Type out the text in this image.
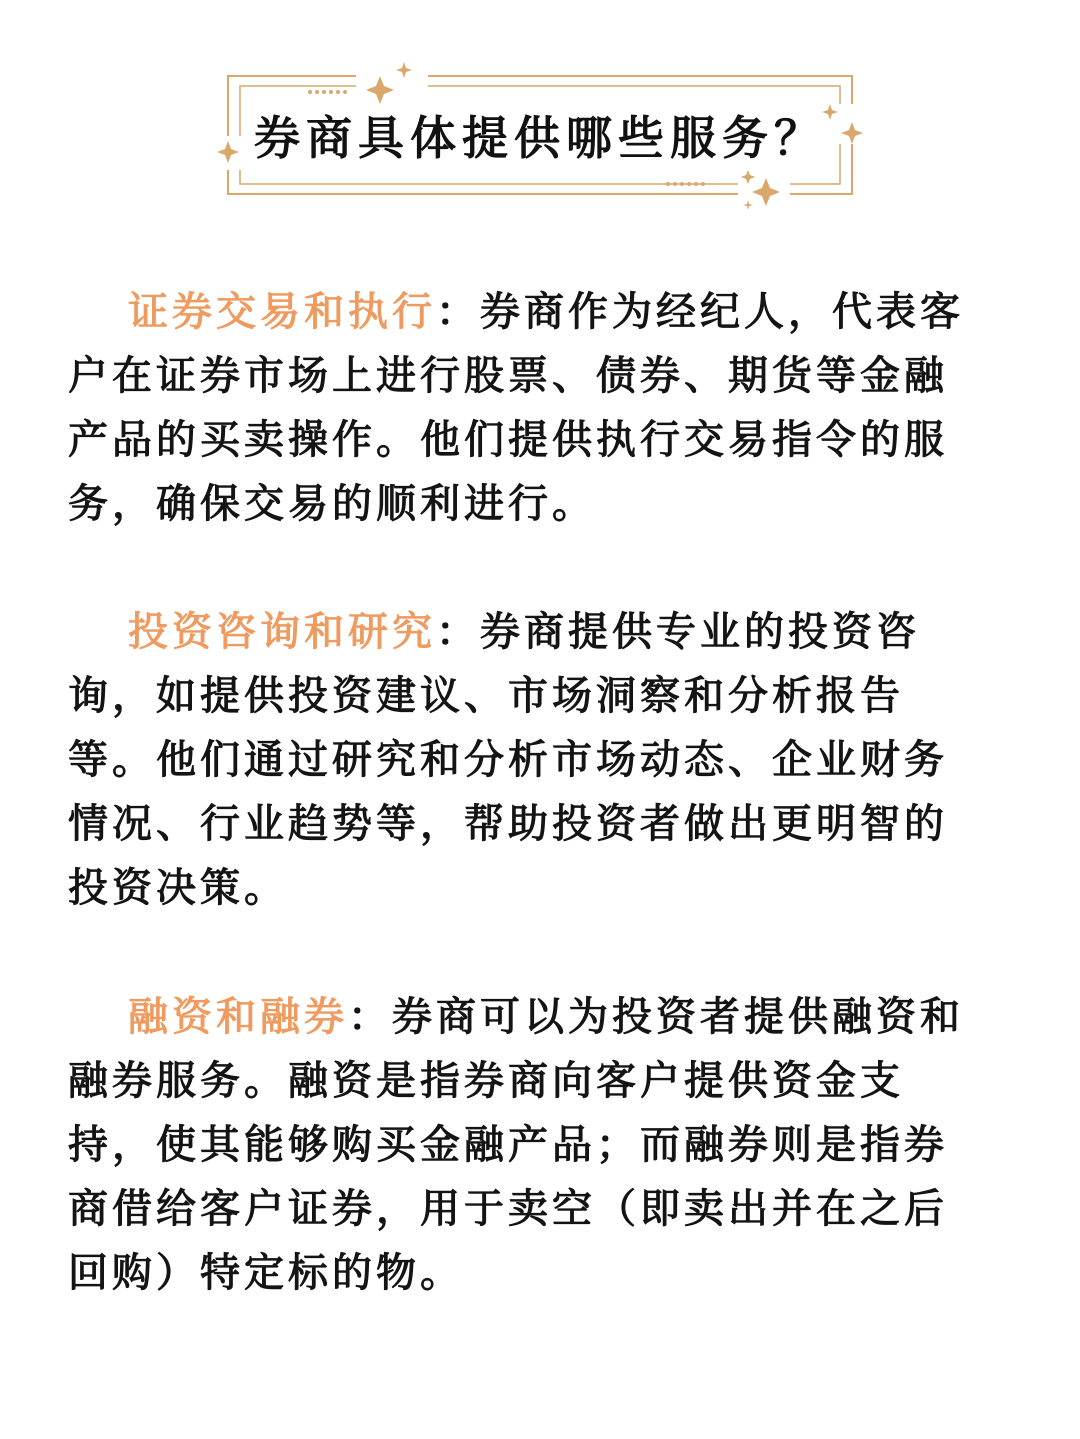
券商具体提供哪些服务？

证券交易和执行：券商作为经纪人，代表客户在证券市场上进行股票、债券、期货等金融产品的买卖操作。他们提供执行交易指令的服务，确保交易的顺利进行。

投资咨询和研究：券商提供专业的投资咨询，如提供投资建议、市场洞察和分析报告等。他们通过研究和分析市场动态、企业财务情况、行业趋势等，帮助投资者做出更明智的投资决策。

融资和融券：券商可以为投资者提供融资和融券服务。融资是指券商向客户提供资金支持，使其能够购买金融产品；而融券则是指券商借给客户证券，用于卖空（即卖出并在之后回购）特定标的物。
